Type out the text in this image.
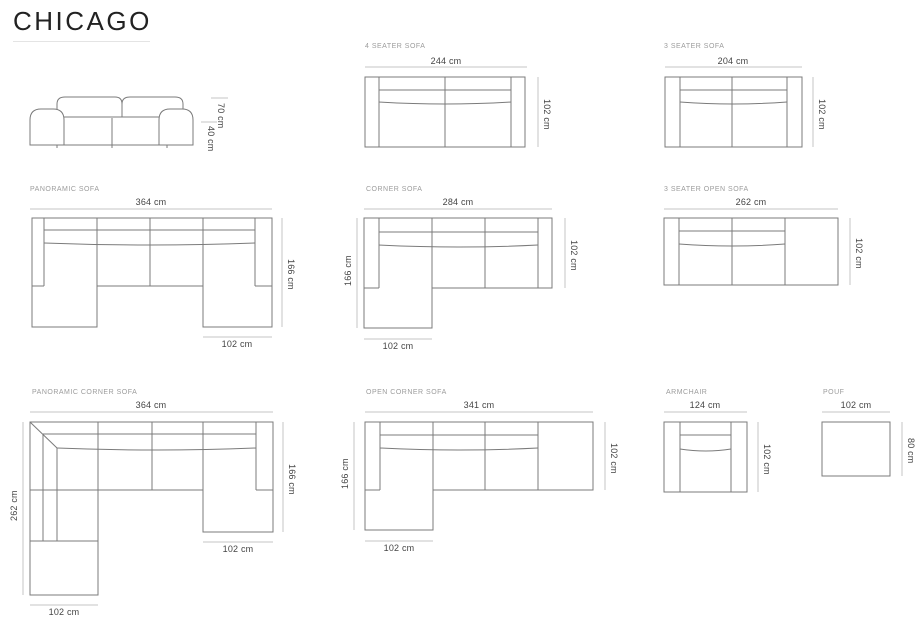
CHICAGO
70 cm
40 cm
4 SEATER SOFA
244 cm
102 cm
3 SEATER SOFA
204 cm
102 cm
PANORAMIC SOFA
364 cm
166 cm
102 cm
CORNER SOFA
284 cm
166 cm	102 cm
102 cm
3 SEATER OPEN SOFA
262 cm
102 cm
PANORAMIC CORNER SOFA
364 cm
262 cm
166 cm
102 cm
102 cm
OPEN CORNER SOFA
341 cm
166 cm	102 cm
102 cm
ARMCHAIR
124 cm
102 cm
POUF
102 cm
80 cm
